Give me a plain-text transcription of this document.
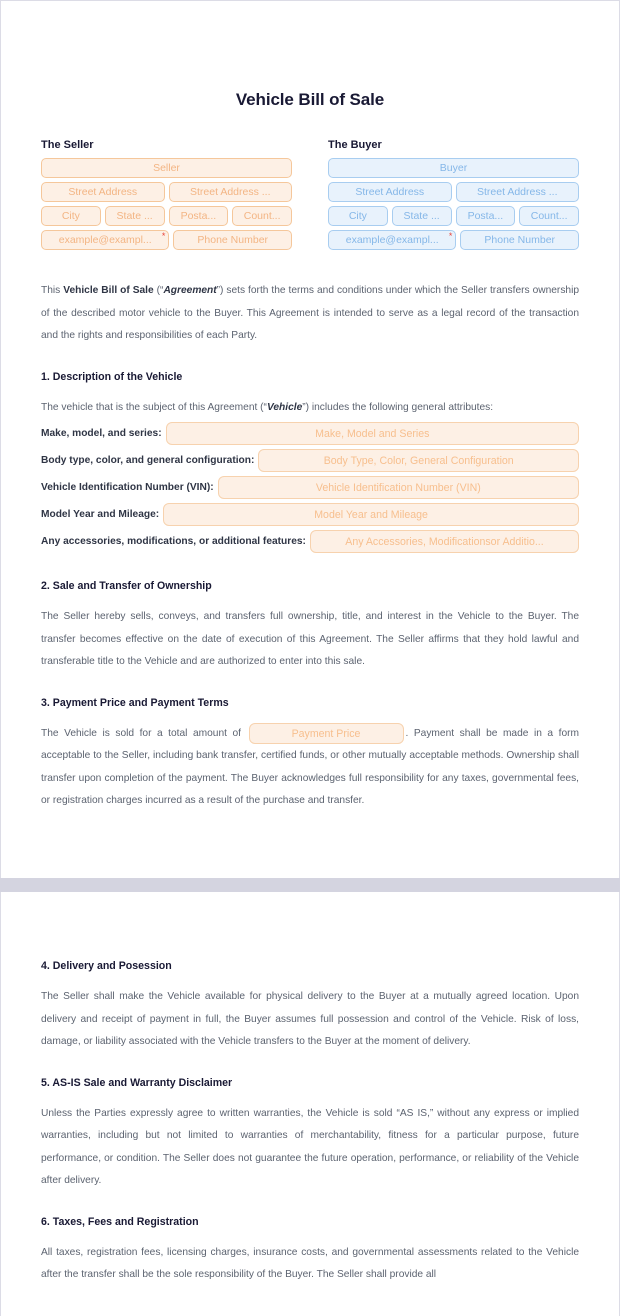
Vehicle Bill of Sale
The Seller
Seller
Street Address	Street Address ...
City	State ...	Posta...	Count...
example@exampl... *	Phone Number
The Buyer
Buyer
Street Address	Street Address ...
City	State ...	Posta...	Count...
example@exampl... *	Phone Number

This Vehicle Bill of Sale (“Agreement”) sets forth the terms and conditions under which the Seller transfers ownership of the described motor vehicle to the Buyer. This Agreement is intended to serve as a legal record of the transaction and the rights and responsibilities of each Party.

1. Description of the Vehicle

The vehicle that is the subject of this Agreement (“Vehicle”) includes the following general attributes:

Make, model, and series:	Make, Model and Series
Body type, color, and general configuration:	Body Type, Color, General Configuration
Vehicle Identification Number (VIN):	Vehicle Identification Number (VIN)
Model Year and Mileage:	Model Year and Mileage
Any accessories, modifications, or additional features:	Any Accessories, Modificationsor Additio...
2. Sale and Transfer of Ownership

The Seller hereby sells, conveys, and transfers full ownership, title, and interest in the Vehicle to the Buyer. The transfer becomes effective on the date of execution of this Agreement. The Seller affirms that they hold lawful and transferable title to the Vehicle and are authorized to enter into this sale.

3. Payment Price and Payment Terms

The Vehicle is sold for a total amount of	Payment Price	. Payment shall be made in a form acceptable to the Seller, including bank transfer, certified funds, or other mutually acceptable methods. Ownership shall transfer upon completion of the payment. The Buyer acknowledges full responsibility for any taxes, governmental fees, or registration charges incurred as a result of the purchase and transfer.

4. Delivery and Posession

The Seller shall make the Vehicle available for physical delivery to the Buyer at a mutually agreed location. Upon delivery and receipt of payment in full, the Buyer assumes full possession and control of the Vehicle. Risk of loss, damage, or liability associated with the Vehicle transfers to the Buyer at the moment of delivery.

5. AS-IS Sale and Warranty Disclaimer

Unless the Parties expressly agree to written warranties, the Vehicle is sold “AS IS,” without any express or implied warranties, including but not limited to warranties of merchantability, fitness for a particular purpose, future performance, or condition. The Seller does not guarantee the future operation, performance, or reliability of the Vehicle after delivery.

6. Taxes, Fees and Registration

All taxes, registration fees, licensing charges, insurance costs, and governmental assessments related to the Vehicle after the transfer shall be the sole responsibility of the Buyer. The Seller shall provide all
